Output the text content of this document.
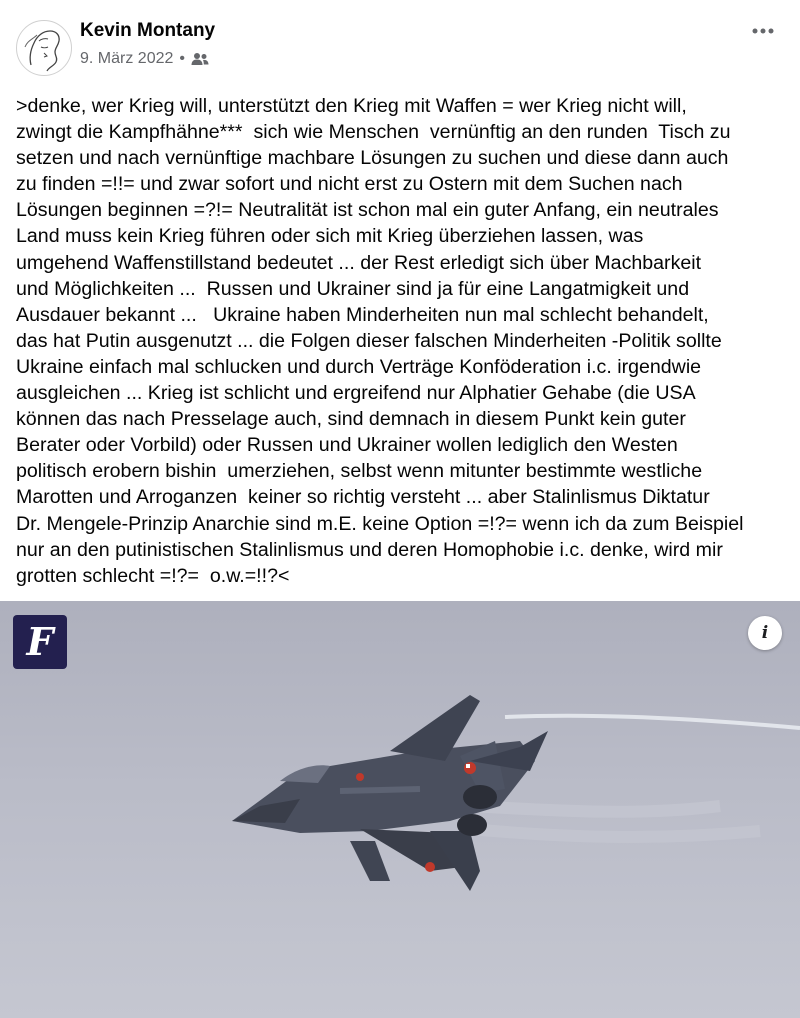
Kevin Montany
9. März 2022 •
>denke, wer Krieg will, unterstützt den Krieg mit Waffen = wer Krieg nicht will,
zwingt die Kampfhähne***  sich wie Menschen  vernünftig an den runden  Tisch zu
setzen und nach vernünftige machbare Lösungen zu suchen und diese dann auch
zu finden =!!= und zwar sofort und nicht erst zu Ostern mit dem Suchen nach
Lösungen beginnen =?!= Neutralität ist schon mal ein guter Anfang, ein neutrales
Land muss kein Krieg führen oder sich mit Krieg überziehen lassen, was
umgehend Waffenstillstand bedeutet ... der Rest erledigt sich über Machbarkeit
und Möglichkeiten ...  Russen und Ukrainer sind ja für eine Langatmigkeit und
Ausdauer bekannt ...   Ukraine haben Minderheiten nun mal schlecht behandelt,
das hat Putin ausgenutzt ... die Folgen dieser falschen Minderheiten -Politik sollte
Ukraine einfach mal schlucken und durch Verträge Konföderation i.c. irgendwie
ausgleichen ... Krieg ist schlicht und ergreifend nur Alphatier Gehabe (die USA
können das nach Presselage auch, sind demnach in diesem Punkt kein guter
Berater oder Vorbild) oder Russen und Ukrainer wollen lediglich den Westen
politisch erobern bishin  umerziehen, selbst wenn mitunter bestimmte westliche
Marotten und Arroganzen  keiner so richtig versteht ... aber Stalinlismus Diktatur
Dr. Mengele-Prinzip Anarchie sind m.E. keine Option =!?= wenn ich da zum Beispiel
nur an den putinistischen Stalinlismus und deren Homophobie i.c. denke, wird mir
grotten schlecht =!?=  o.w.=!!?<
F	i
